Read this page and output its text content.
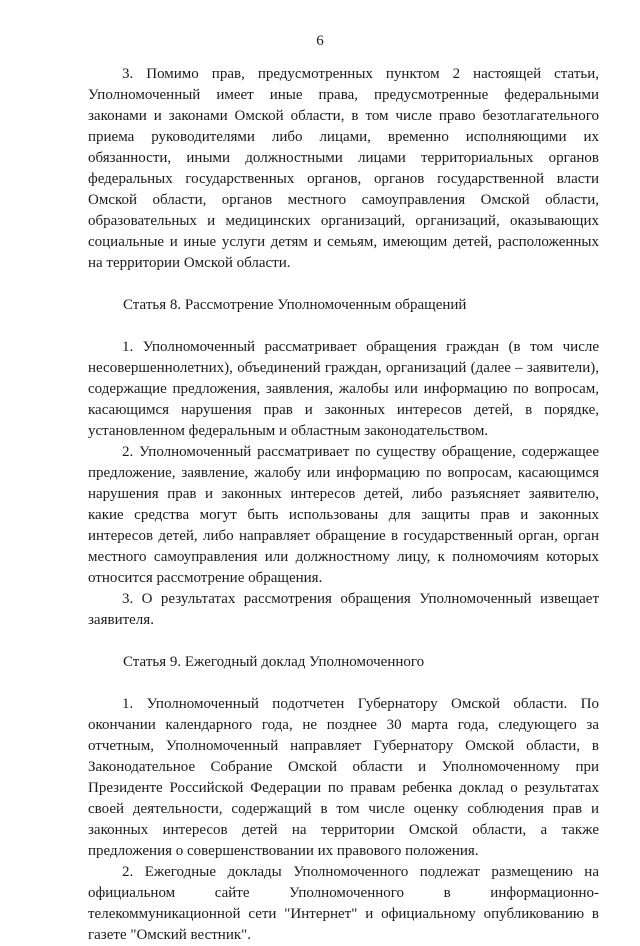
6

3. Помимо прав, предусмотренных пунктом 2 настоящей статьи, Уполномоченный имеет иные права, предусмотренные федеральными законами и законами Омской области, в том числе право безотлагательного приема руководителями либо лицами, временно исполняющими их обязанности, иными должностными лицами территориальных органов федеральных государственных органов, органов государственной власти Омской области, органов местного самоуправления Омской области, образовательных и медицинских организаций, организаций, оказывающих социальные и иные услуги детям и семьям, имеющим детей, расположенных на территории Омской области.

Статья 8. Рассмотрение Уполномоченным обращений

1. Уполномоченный рассматривает обращения граждан (в том числе несовершеннолетних), объединений граждан, организаций (далее – заявители), содержащие предложения, заявления, жалобы или информацию по вопросам, касающимся нарушения прав и законных интересов детей, в порядке, установленном федеральным и областным законодательством.

2. Уполномоченный рассматривает по существу обращение, содержащее предложение, заявление, жалобу или информацию по вопросам, касающимся нарушения прав и законных интересов детей, либо разъясняет заявителю, какие средства могут быть использованы для защиты прав и законных интересов детей, либо направляет обращение в государственный орган, орган местного самоуправления или должностному лицу, к полномочиям которых относится рассмотрение обращения.

3. О результатах рассмотрения обращения Уполномоченный извещает заявителя.

Статья 9. Ежегодный доклад Уполномоченного

1. Уполномоченный подотчетен Губернатору Омской области. По окончании календарного года, не позднее 30 марта года, следующего за отчетным, Уполномоченный направляет Губернатору Омской области, в Законодательное Собрание Омской области и Уполномоченному при Президенте Российской Федерации по правам ребенка доклад о результатах своей деятельности, содержащий в том числе оценку соблюдения прав и законных интересов детей на территории Омской области, а также предложения о совершенствовании их правового положения.

2. Ежегодные доклады Уполномоченного подлежат размещению на официальном сайте Уполномоченного в информационно-телекоммуникационной сети "Интернет" и официальному опубликованию в газете "Омский вестник".
